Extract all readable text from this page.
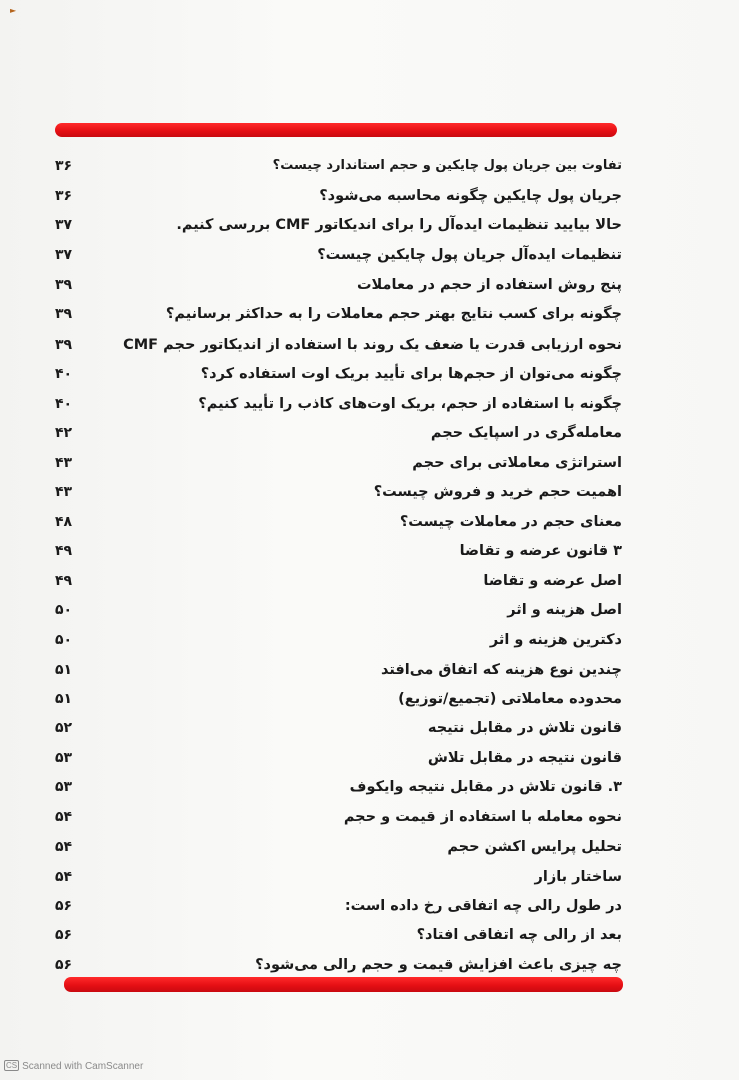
►
تفاوت بین جریان پول چایکین و حجم استاندارد چیست؟
۳۶
جریان پول چایکین چگونه محاسبه می‌شود؟
۳۶
حالا بیایید تنظیمات ایده‌آل را برای اندیکاتور CMF بررسی کنیم.
۳۷
تنظیمات ایده‌آل جریان پول چایکین چیست؟
۳۷
پنج روش استفاده از حجم در معاملات
۳۹
چگونه برای کسب نتایج بهتر حجم معاملات را به حداکثر برسانیم؟
۳۹
نحوه ارزیابی قدرت یا ضعف یک روند با استفاده از اندیکاتور حجم CMF
۳۹
چگونه می‌توان از حجم‌ها برای تأیید بریک اوت استفاده کرد؟
۴۰
چگونه با استفاده از حجم، بریک اوت‌های کاذب را تأیید کنیم؟
۴۰
معامله‌گری در اسپایک حجم
۴۲
استراتژی معاملاتی برای حجم
۴۳
اهمیت حجم خرید و فروش چیست؟
۴۳
معنای حجم در معاملات چیست؟
۴۸
۳ قانون عرضه و تقاضا
۴۹
اصل عرضه و تقاضا
۴۹
اصل هزینه و اثر
۵۰
دکترین هزینه و اثر
۵۰
چندین نوع هزینه که اتفاق می‌افتد
۵۱
محدوده معاملاتی (تجمیع/توزیع)
۵۱
قانون تلاش در مقابل نتیجه
۵۲
قانون نتیجه در مقابل تلاش
۵۳
۳. قانون تلاش در مقابل نتیجه وایکوف
۵۳
نحوه معامله با استفاده از قیمت و حجم
۵۴
تحلیل پرایس اکشن حجم
۵۴
ساختار بازار
۵۴
در طول رالی چه اتفاقی رخ داده است:
۵۶
بعد از رالی چه اتفاقی افتاد؟
۵۶
چه چیزی باعث افزایش قیمت و حجم رالی می‌شود؟
۵۶
CS Scanned with CamScanner
